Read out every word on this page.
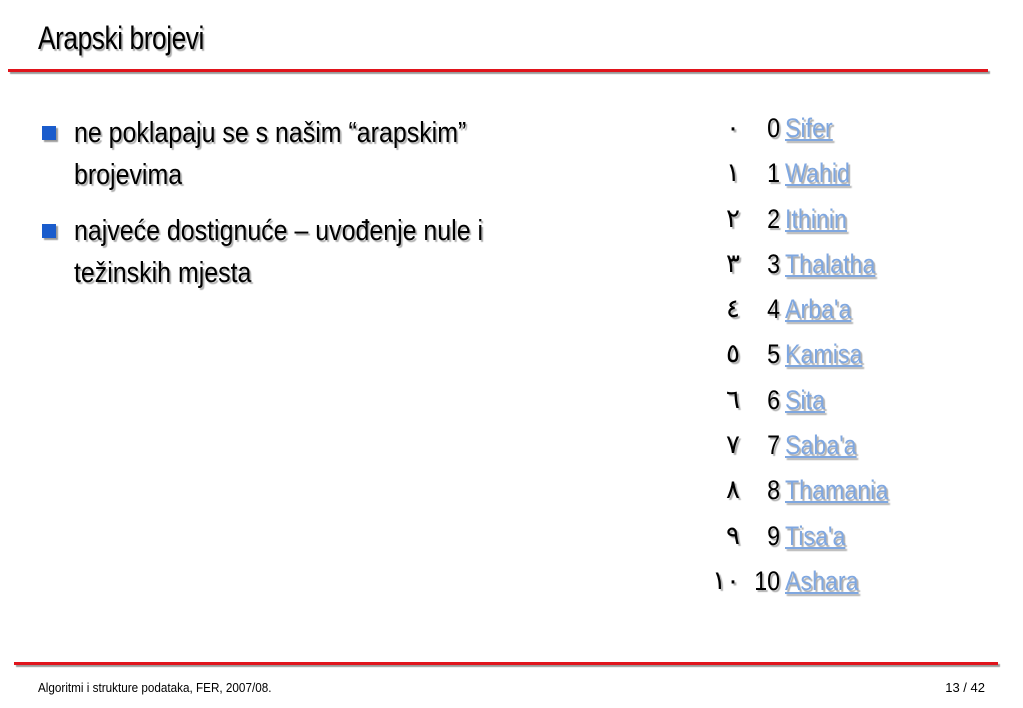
Arapski brojevi
ne poklapaju se s našim “arapskim” brojevima
najveće dostignuće – uvođenje nule i težinskih mjesta
٠	0 Sifer
١	1 Wahid
٢	2 Ithinin
٣	3 Thalatha
٤	4 Arba'a
٥	5 Kamisa
٦	6 Sita
٧	7 Saba'a
٨	8 Thamania
٩	9 Tisa'a
١٠ 10 Ashara
Algoritmi i strukture podataka, FER, 2007/08.	13 / 42
